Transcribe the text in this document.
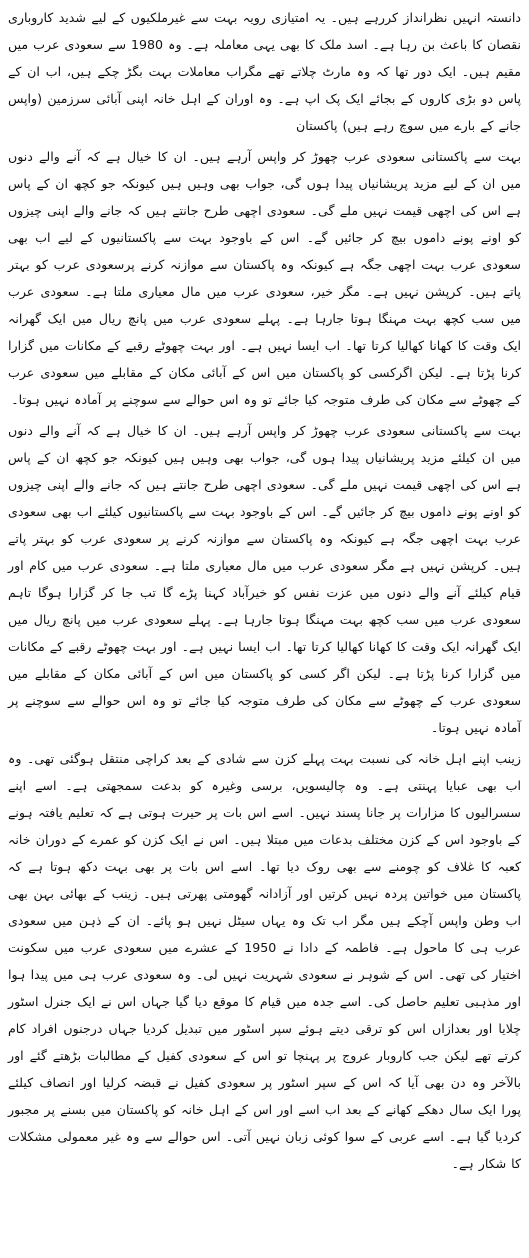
دانستہ انہیں نظرانداز کررہے ہیں۔ یہ امتیازی رویہ بہت سے غیرملکیوں کے لیے شدید کاروباری نقصان کا باعث بن رہا ہے۔ اسد ملک کا بھی یہی معاملہ ہے۔ وہ 1980 سے سعودی عرب میں مقیم ہیں۔ ایک دور تھا کہ وہ مارٹ چلاتے تھے مگراب معاملات بہت بگڑ چکے ہیں، اب ان کے پاس دو بڑی کاروں کے بجائے ایک پک اپ ہے۔ وہ اوران کے اہل خانہ اپنی آبائی سرزمین (واپس جانے کے بارے میں سوچ رہے ہیں) پاکستان

بہت سے پاکستانی سعودی عرب چھوڑ کر واپس آرہے ہیں۔ ان کا خیال ہے کہ آنے والے دنوں میں ان کے لیے مزید پریشانیاں پیدا ہوں گی، جواب بھی وہیں ہیں کیونکہ جو کچھ ان کے پاس ہے اس کی اچھی قیمت نہیں ملے گی۔ سعودی اچھی طرح جانتے ہیں کہ جانے والے اپنی چیزوں کو اونے پونے داموں بیچ کر جائیں گے۔ اس کے باوجود بہت سے پاکستانیوں کے لیے اب بھی سعودی عرب بہت اچھی جگہ ہے کیونکہ وہ پاکستان سے موازنہ کرنے پرسعودی عرب کو بہتر پاتے ہیں۔ کرپشن نہیں ہے۔ مگر خیر، سعودی عرب میں مال معیاری ملتا ہے۔ سعودی عرب میں سب کچھ بہت مہنگا ہوتا جارہا ہے۔ پہلے سعودی عرب میں پانچ ریال میں ایک گھرانہ ایک وقت کا کھانا کھالیا کرتا تھا۔ اب ایسا نہیں ہے۔ اور بہت چھوٹے رقبے کے مکانات میں گزارا کرنا پڑتا ہے۔ لیکن اگرکسی کو پاکستان میں اس کے آبائی مکان کے مقابلے میں سعودی عرب کے چھوٹے سے مکان کی طرف متوجہ کیا جائے تو وہ اس حوالے سے سوچنے پر آمادہ نہیں ہوتا۔

بہت سے پاکستانی سعودی عرب چھوڑ کر واپس آرہے ہیں۔ ان کا خیال ہے کہ آنے والے دنوں میں ان کیلئے مزید پریشانیاں پیدا ہوں گی، جواب بھی وہیں ہیں کیونکہ جو کچھ ان کے پاس ہے اس کی اچھی قیمت نہیں ملے گی۔ سعودی اچھی طرح جانتے ہیں کہ جانے والے اپنی چیزوں کو اونے پونے داموں بیچ کر جائیں گے۔ اس کے باوجود بہت سے پاکستانیوں کیلئے اب بھی سعودی عرب بہت اچھی جگہ ہے کیونکہ وہ پاکستان سے موازنہ کرنے پر سعودی عرب کو بہتر پاتے ہیں۔ کرپشن نہیں ہے مگر سعودی عرب میں مال معیاری ملتا ہے۔ سعودی عرب میں کام اور قیام کیلئے آنے والے دنوں میں عزت نفس کو خیرآباد کہنا پڑے گا تب جا کر گزارا ہوگا تاہم سعودی عرب میں سب کچھ بہت مہنگا ہوتا جارہا ہے۔ پہلے سعودی عرب میں پانچ ریال میں ایک گھرانہ ایک وقت کا کھانا کھالیا کرتا تھا۔ اب ایسا نہیں ہے۔ اور بہت چھوٹے رقبے کے مکانات میں گزارا کرنا پڑتا ہے۔ لیکن اگر کسی کو پاکستان میں اس کے آبائی مکان کے مقابلے میں سعودی عرب کے چھوٹے سے مکان کی طرف متوجہ کیا جائے تو وہ اس حوالے سے سوچنے پر آمادہ نہیں ہوتا۔

زینب اپنے اہل خانہ کی نسبت بہت پہلے کزن سے شادی کے بعد کراچی منتقل ہوگئی تھی۔ وہ اب بھی عبایا پہنتی ہے۔ وہ چالیسویں، برسی وغیرہ کو بدعت سمجھتی ہے۔ اسے اپنے سسرالیوں کا مزارات پر جانا پسند نہیں۔ اسے اس بات پر حیرت ہوتی ہے کہ تعلیم یافتہ ہونے کے باوجود اس کے کزن مختلف بدعات میں مبتلا ہیں۔ اس نے ایک کزن کو عمرے کے دوران خانہ کعبہ کا غلاف کو چومنے سے بھی روک دیا تھا۔ اسے اس بات پر بھی بہت دکھ ہوتا ہے کہ پاکستان میں خواتین پردہ نہیں کرتیں اور آزادانہ گھومتی پھرتی ہیں۔ زینب کے بھائی بہن بھی اب وطن واپس آچکے ہیں مگر اب تک وہ یہاں سیٹل نہیں ہو پائے۔ ان کے ذہن میں سعودی عرب ہی کا ماحول ہے۔ فاطمہ کے دادا نے 1950 کے عشرے میں سعودی عرب میں سکونت اختیار کی تھی۔ اس کے شوہر نے سعودی شہریت نہیں لی۔ وہ سعودی عرب ہی میں پیدا ہوا اور مذہبی تعلیم حاصل کی۔ اسے جدہ میں قیام کا موقع دیا گیا جہاں اس نے ایک جنرل اسٹور چلایا اور بعدازاں اس کو ترقی دیتے ہوئے سپر اسٹور میں تبدیل کردیا جہاں درجنوں افراد کام کرتے تھے لیکن جب کاروبار عروج پر پہنچا تو اس کے سعودی کفیل کے مطالبات بڑھتے گئے اور بالآخر وہ دن بھی آیا کہ اس کے سپر اسٹور پر سعودی کفیل نے قبضہ کرلیا اور انصاف کیلئے پورا ایک سال دھکے کھانے کے بعد اب اسے اور اس کے اہل خانہ کو پاکستان میں بسنے پر مجبور کردیا گیا ہے۔ اسے عربی کے سوا کوئی زبان نہیں آتی۔ اس حوالے سے وہ غیر معمولی مشکلات کا شکار ہے۔
